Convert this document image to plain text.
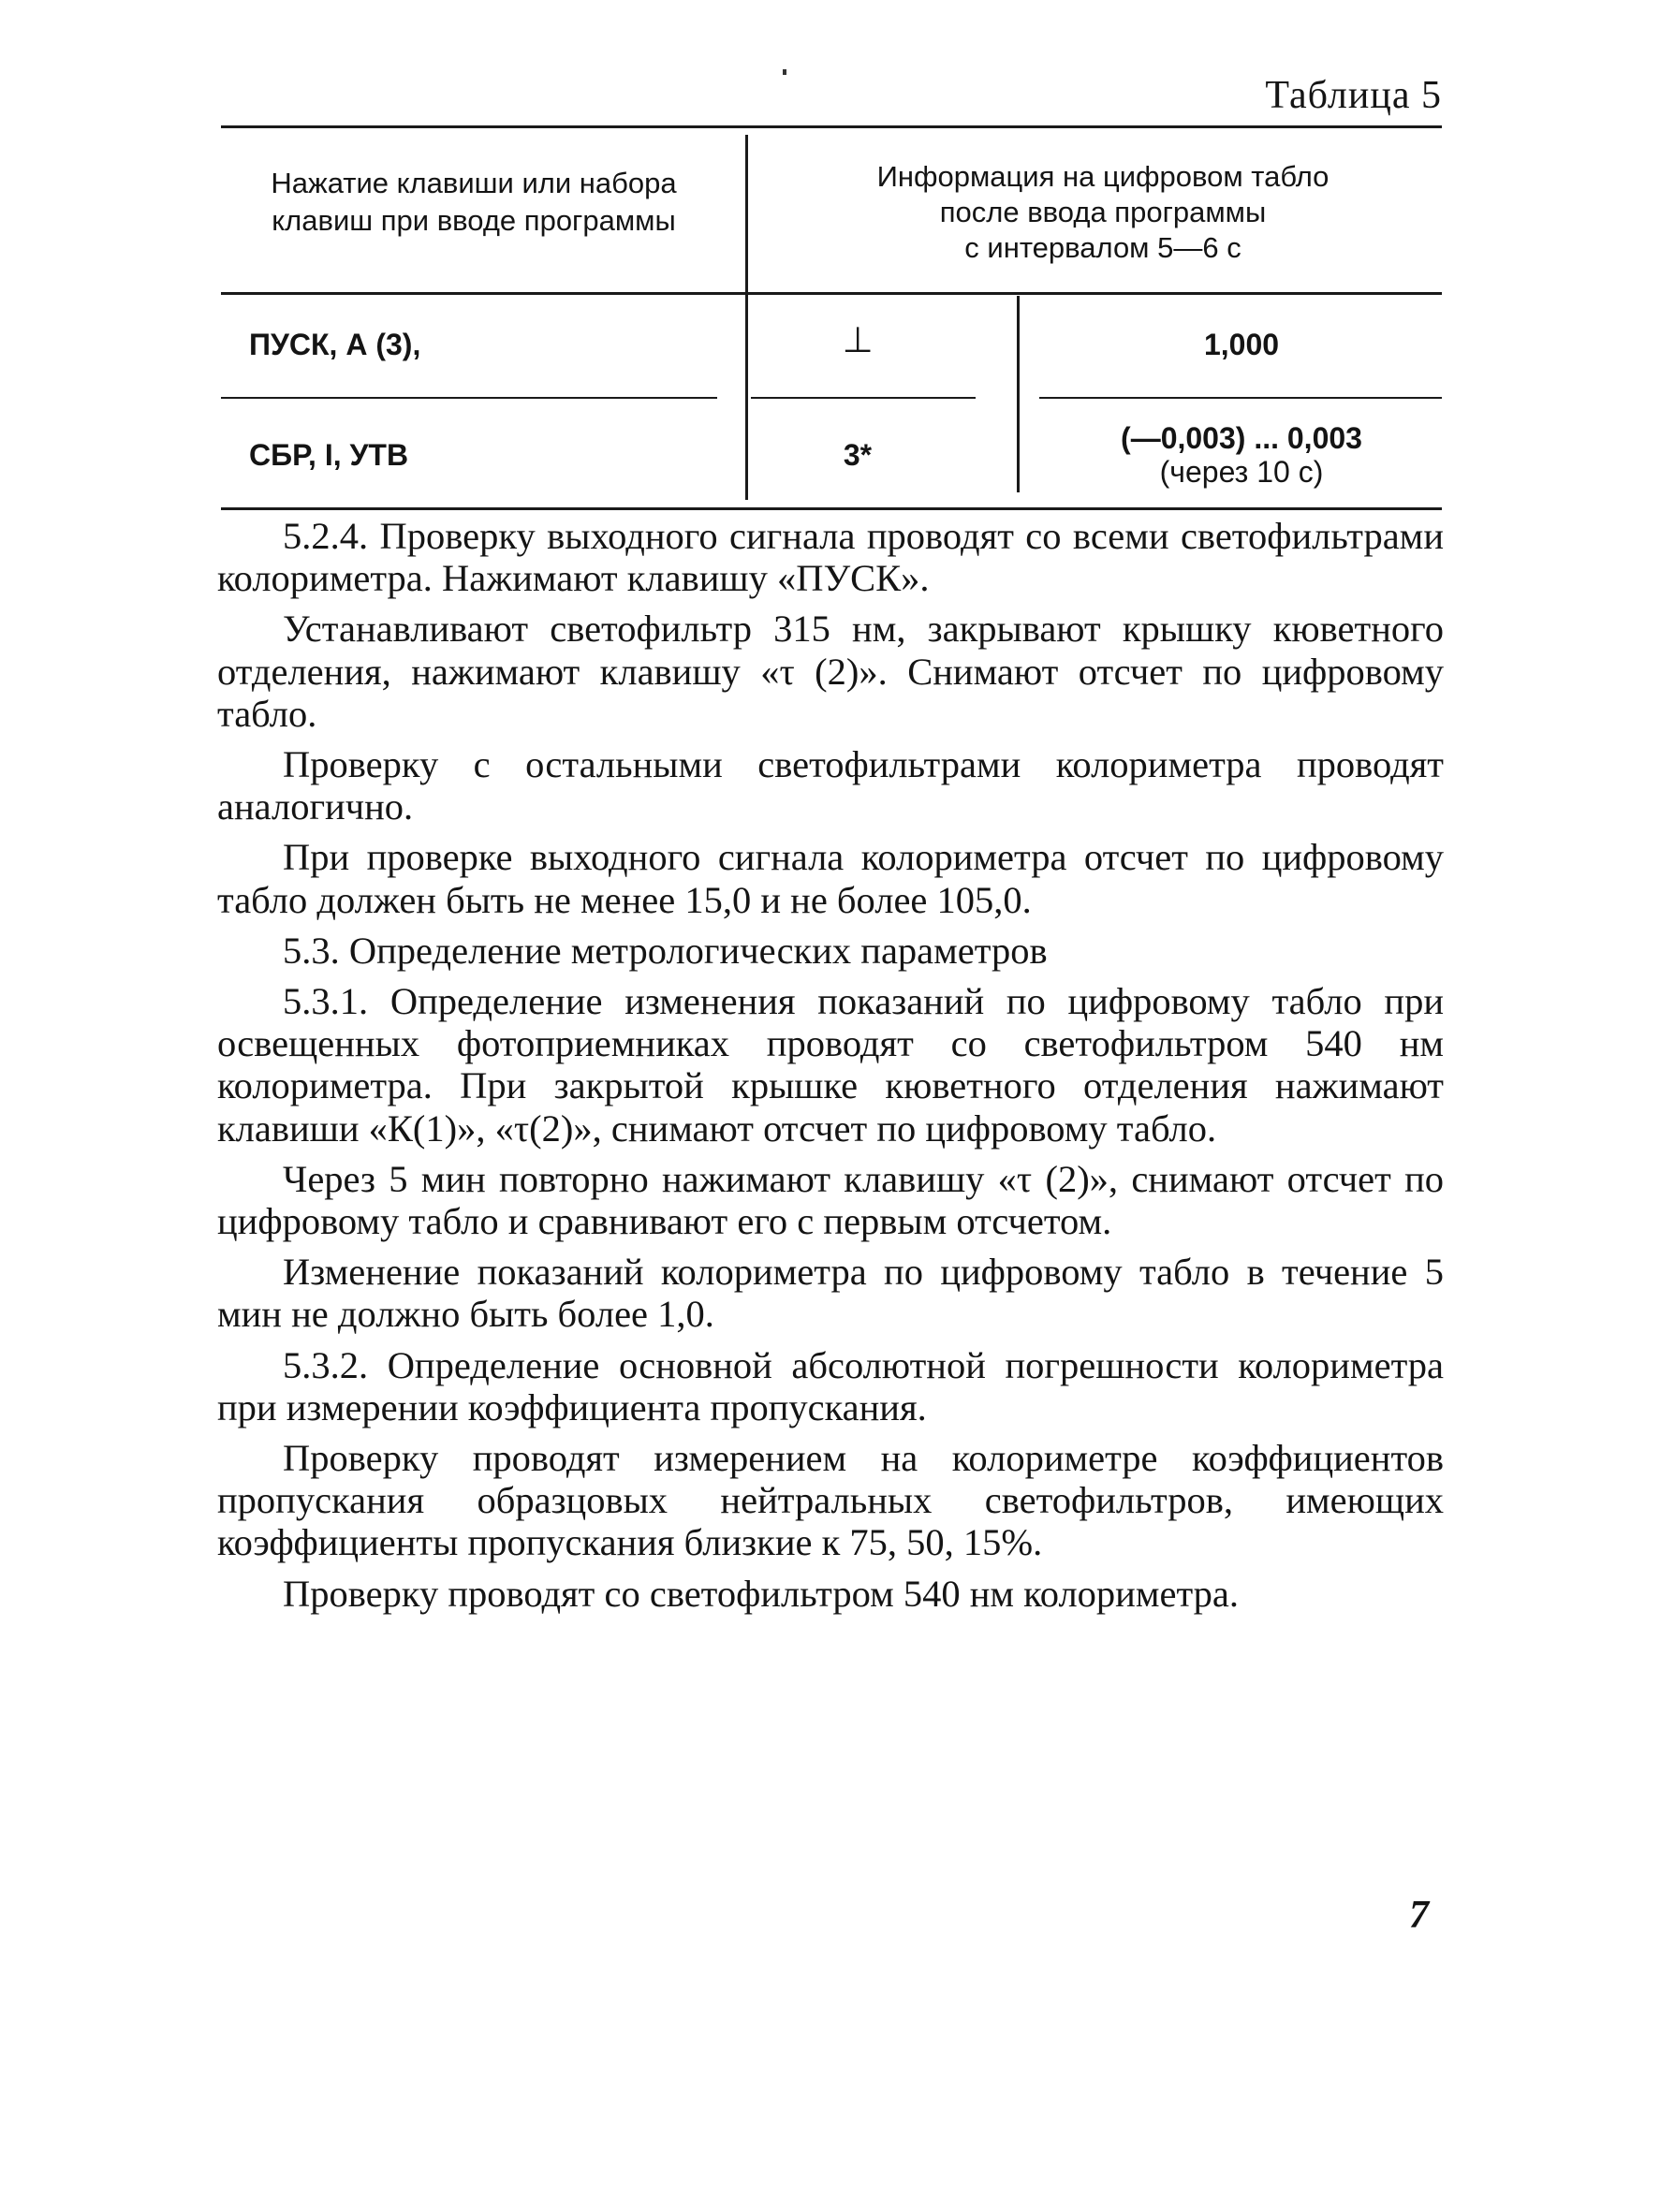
Таблица 5
Нажатие клавиши или набора
клавиш при вводе программы
Информация на цифровом табло
после ввода программы
с интервалом 5—6 с
ПУСК, А (3),	⊥	1,000
СБР, I, УТВ	3*	(—0,003) ... 0,003
(через 10 с)

5.2.4. Проверку выходного сигнала проводят со всеми светофильтрами колориметра. Нажимают клавишу «ПУСК».

Устанавливают светофильтр 315 нм, закрывают крышку кюветного отделения, нажимают клавишу «τ (2)». Снимают отсчет по цифровому табло.

Проверку с остальными светофильтрами колориметра проводят аналогично.

При проверке выходного сигнала колориметра отсчет по цифровому табло должен быть не менее 15,0 и не более 105,0.

5.3. Определение метрологических параметров

5.3.1. Определение изменения показаний по цифровому табло при освещенных фотоприемниках проводят со светофильтром 540 нм колориметра. При закрытой крышке кюветного отделения нажимают клавиши «К(1)», «τ(2)», снимают отсчет по цифровому табло.

Через 5 мин повторно нажимают клавишу «τ (2)», снимают отсчет по цифровому табло и сравнивают его с первым отсчетом.

Изменение показаний колориметра по цифровому табло в течение 5 мин не должно быть более 1,0.

5.3.2. Определение основной абсолютной погрешности колориметра при измерении коэффициента пропускания.

Проверку проводят измерением на колориметре коэффициентов пропускания образцовых нейтральных светофильтров, имеющих коэффициенты пропускания близкие к 75, 50, 15%.

Проверку проводят со светофильтром 540 нм колориметра.

7
